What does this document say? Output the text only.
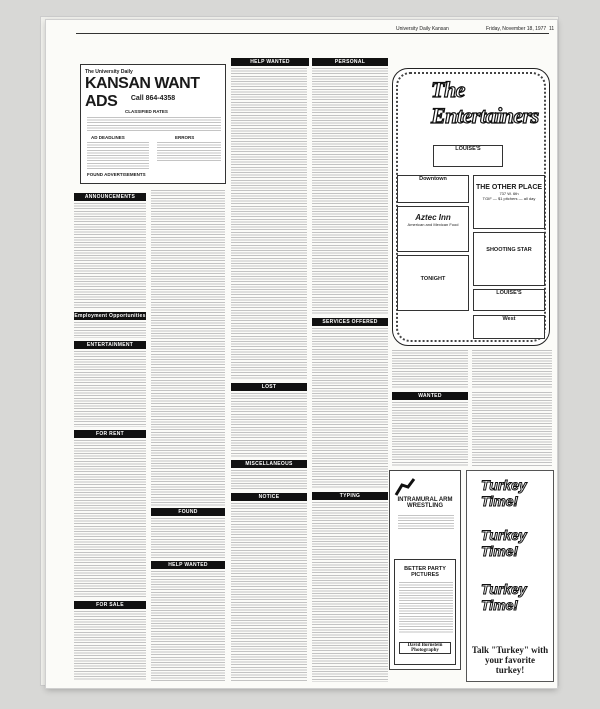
University Daily Kansan	Friday, November 18, 1977 11
The University Daily
KANSAN WANT ADS	Call 864-4358
CLASSIFIED RATES
AD DEADLINES	ERRORS
FOUND ADVERTISEMENTS
ANNOUNCEMENTS
Employment Opportunities
ENTERTAINMENT
FOR RENT
FOR SALE
FOUND
HELP WANTED
HELP WANTED
LOST
MISCELLANEOUS
NOTICE
PERSONAL
SERVICES OFFERED
TYPING
The Entertainers
LOUISE'S
Downtown
THE OTHER PLACE
737 W. 6th
TGIF — $1 pitchers — all day
Aztec Inn
American and Mexican Food
SHOOTING STAR
TONIGHT
LOUISE'S
West
WANTED
INTRAMURAL ARM WRESTLING
BETTER PARTY PICTURES
David Bornstein Photography
Turkey Time!
Turkey Time!
Turkey Time!
Talk "Turkey" with your favorite turkey!
